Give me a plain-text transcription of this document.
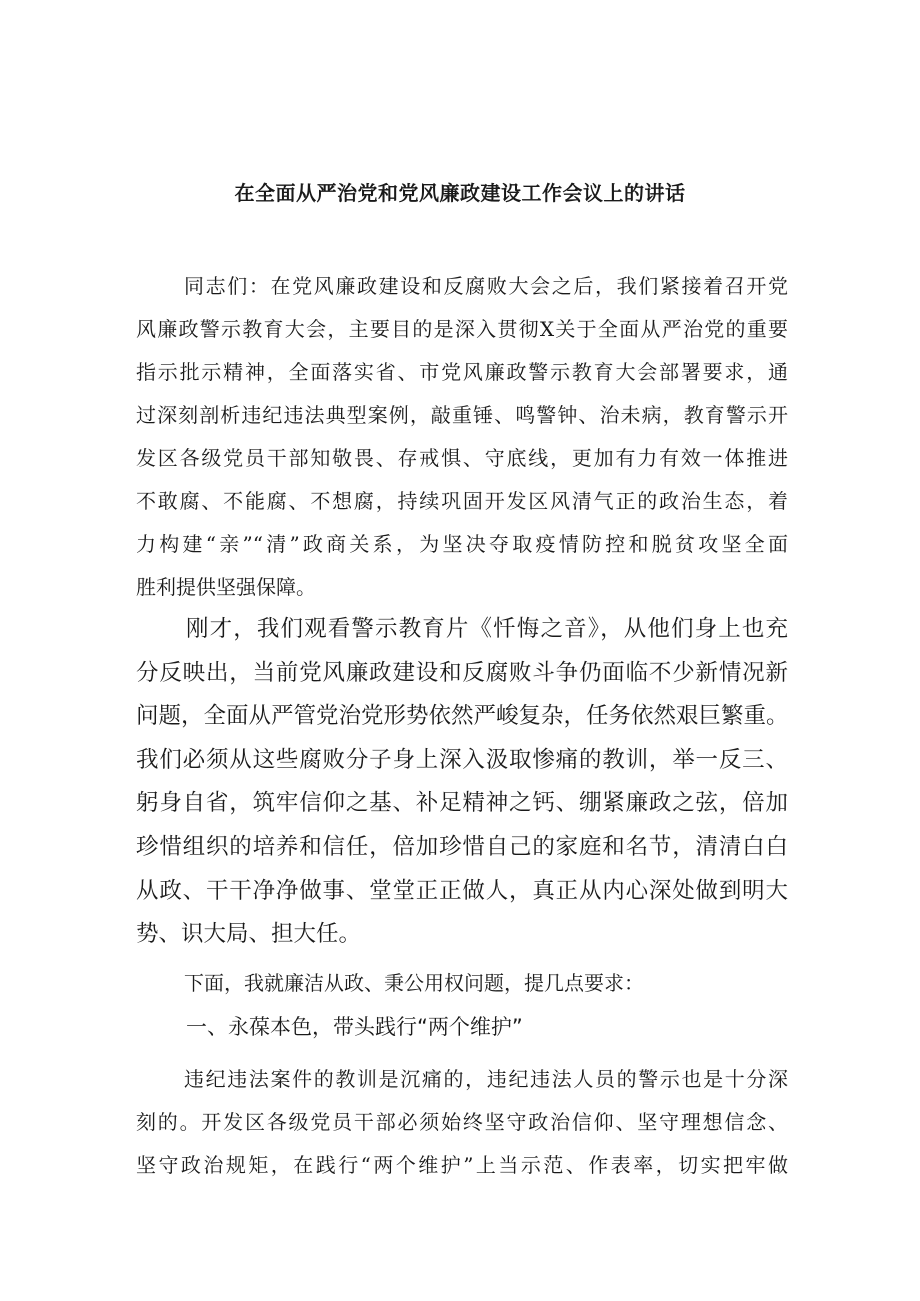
在全面从严治党和党风廉政建设工作会议上的讲话
同志们：在党风廉政建设和反腐败大会之后，我们紧接着召开党
风廉政警示教育大会，主要目的是深入贯彻X关于全面从严治党的重要
指示批示精神，全面落实省、市党风廉政警示教育大会部署要求，通
过深刻剖析违纪违法典型案例，敲重锤、鸣警钟、治未病，教育警示开
发区各级党员干部知敬畏、存戒惧、守底线，更加有力有效一体推进
不敢腐、不能腐、不想腐，持续巩固开发区风清气正的政治生态，着
力构建“亲”“清”政商关系，为坚决夺取疫情防控和脱贫攻坚全面
胜利提供坚强保障。
刚才，我们观看警示教育片《忏悔之音》，从他们身上也充
分反映出，当前党风廉政建设和反腐败斗争仍面临不少新情况新
问题，全面从严管党治党形势依然严峻复杂，任务依然艰巨繁重。
我们必须从这些腐败分子身上深入汲取惨痛的教训，举一反三、
躬身自省，筑牢信仰之基、补足精神之钙、绷紧廉政之弦，倍加
珍惜组织的培养和信任，倍加珍惜自己的家庭和名节，清清白白
从政、干干净净做事、堂堂正正做人，真正从内心深处做到明大
势、识大局、担大任。
下面，我就廉洁从政、秉公用权问题，提几点要求：
一、永葆本色，带头践行“两个维护”
违纪违法案件的教训是沉痛的，违纪违法人员的警示也是十分深
刻的。开发区各级党员干部必须始终坚守政治信仰、坚守理想信念、
坚守政治规矩，在践行“两个维护”上当示范、作表率，切实把牢做
